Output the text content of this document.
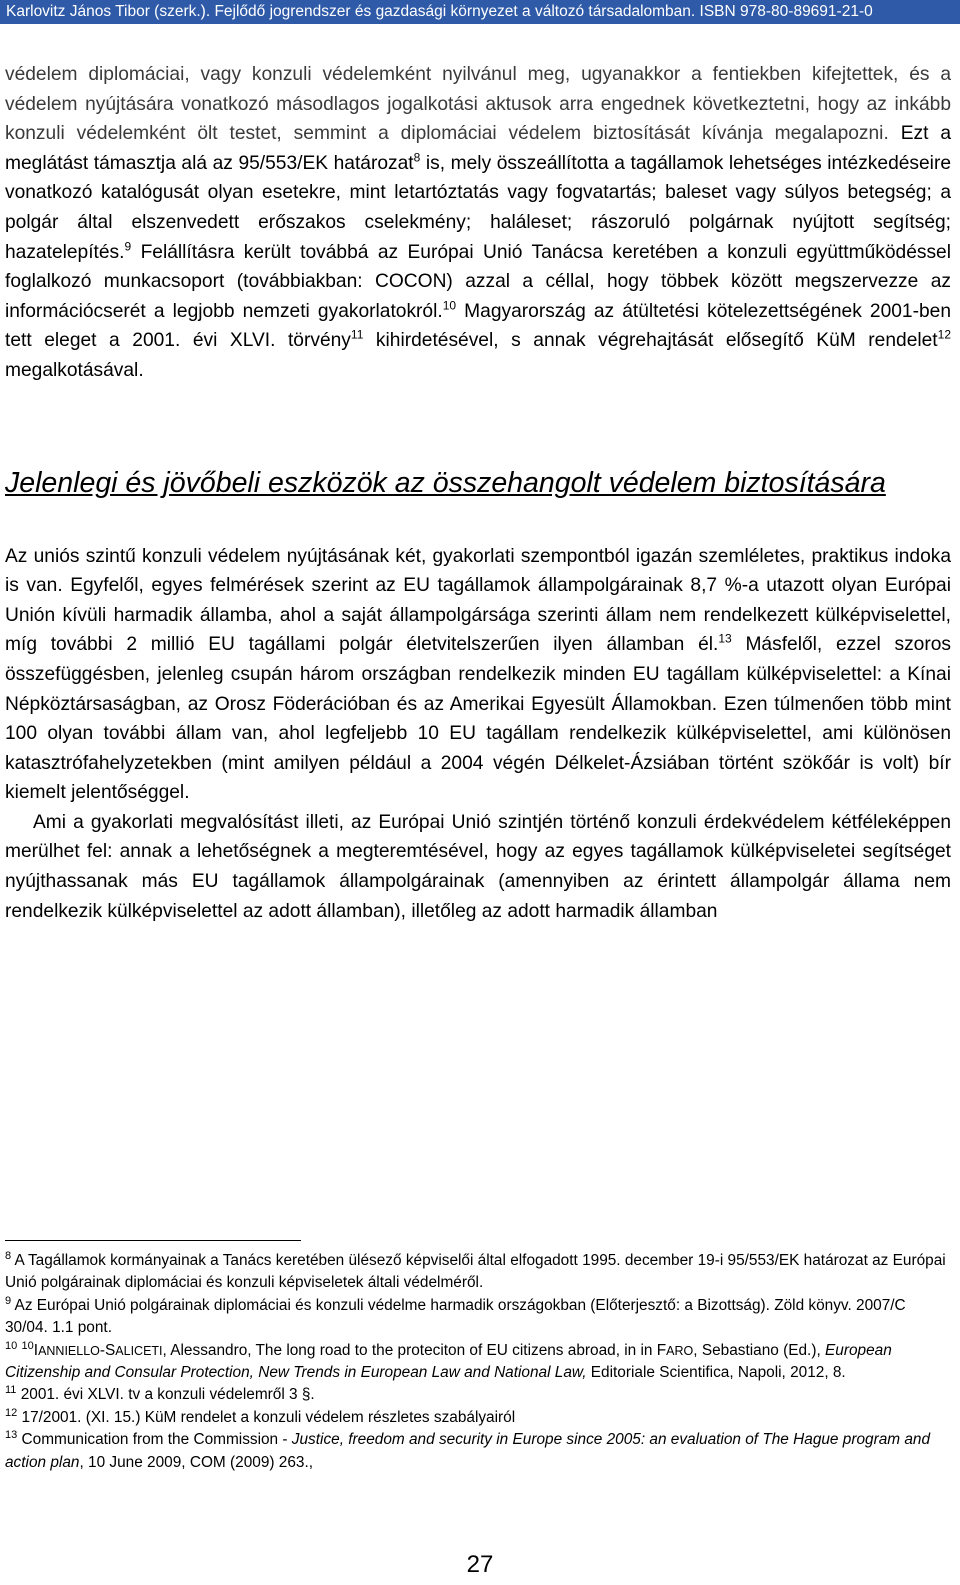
Karlovitz János Tibor (szerk.). Fejlődő jogrendszer és gazdasági környezet a változó társadalomban. ISBN 978-80-89691-21-0

védelem diplomáciai, vagy konzuli védelemként nyilvánul meg, ugyanakkor a fentiekben kifejtettek, és a védelem nyújtására vonatkozó másodlagos jogalkotási aktusok arra engednek következtetni, hogy az inkább konzuli védelemként ölt testet, semmint a diplomáciai védelem biztosítását kívánja megalapozni. Ezt a meglátást támasztja alá az 95/553/EK határozat$^8$ is, mely összeállította a tagállamok lehetséges intézkedéseire vonatkozó katalógusát olyan esetekre, mint letartóztatás vagy fogvatartás; baleset vagy súlyos betegség; a polgár által elszenvedett erőszakos cselekmény; haláleset; rászoruló polgárnak nyújtott segítség; hazatelepítés.$^9$ Felállításra került továbbá az Európai Unió Tanácsa keretében a konzuli együttműködéssel foglalkozó munkacsoport (továbbiakban: COCON) azzal a céllal, hogy többek között megszervezze az információcserét a legjobb nemzeti gyakorlatokról.$^{10}$ Magyarország az átültetési kötelezettségének 2001-ben tett eleget a 2001. évi XLVI. törvény$^{11}$ kihirdetésével, s annak végrehajtását elősegítő KüM rendelet$^{12}$ megalkotásával.

Jelenlegi és jövőbeli eszközök az összehangolt védelem biztosítására

Az uniós szintű konzuli védelem nyújtásának két, gyakorlati szempontból igazán szemléletes, praktikus indoka is van. Egyfelől, egyes felmérések szerint az EU tagállamok állampolgárainak 8,7 %-a utazott olyan Európai Unión kívüli harmadik államba, ahol a saját állampolgársága szerinti állam nem rendelkezett külképviselettel, míg további 2 millió EU tagállami polgár életvitelszerűen ilyen államban él.$^{13}$ Másfelől, ezzel szoros összefüggésben, jelenleg csupán három országban rendelkezik minden EU tagállam külképviselettel: a Kínai Népköztársaságban, az Orosz Föderációban és az Amerikai Egyesült Államokban. Ezen túlmenően több mint 100 olyan további állam van, ahol legfeljebb 10 EU tagállam rendelkezik külképviselettel, ami különösen katasztrófahelyzetekben (mint amilyen például a 2004 végén Délkelet-Ázsiában történt szökőár is volt) bír kiemelt jelentőséggel.

Ami a gyakorlati megvalósítást illeti, az Európai Unió szintjén történő konzuli érdekvédelem kétféleképpen merülhet fel: annak a lehetőségnek a megteremtésével, hogy az egyes tagállamok külképviseletei segítséget nyújthassanak más EU tagállamok állampolgárainak (amennyiben az érintett állampolgár állama nem rendelkezik külképviselettel az adott államban), illetőleg az adott harmadik államban

$^8$ A Tagállamok kormányainak a Tanács keretében ülésező képviselői által elfogadott 1995. december 19-i 95/553/EK határozat az Európai Unió polgárainak diplomáciai és konzuli képviseletek általi védelméről.

$^9$ Az Európai Unió polgárainak diplomáciai és konzuli védelme harmadik országokban (Előterjesztő: a Bizottság). Zöld könyv. 2007/C 30/04. 1.1 pont.

$^{10}$ $^{10}$IANNIELLO-SALICETI, Alessandro, The long road to the proteciton of EU citizens abroad, in in FARO, Sebastiano (Ed.), European Citizenship and Consular Protection, New Trends in European Law and National Law, Editoriale Scientifica, Napoli, 2012, 8.

$^{11}$ 2001. évi XLVI. tv a konzuli védelemről 3 §.

$^{12}$ 17/2001. (XI. 15.) KüM rendelet a konzuli védelem részletes szabályairól

$^{13}$ Communication from the Commission - Justice, freedom and security in Europe since 2005: an evaluation of The Hague program and action plan, 10 June 2009, COM (2009) 263.,

27
